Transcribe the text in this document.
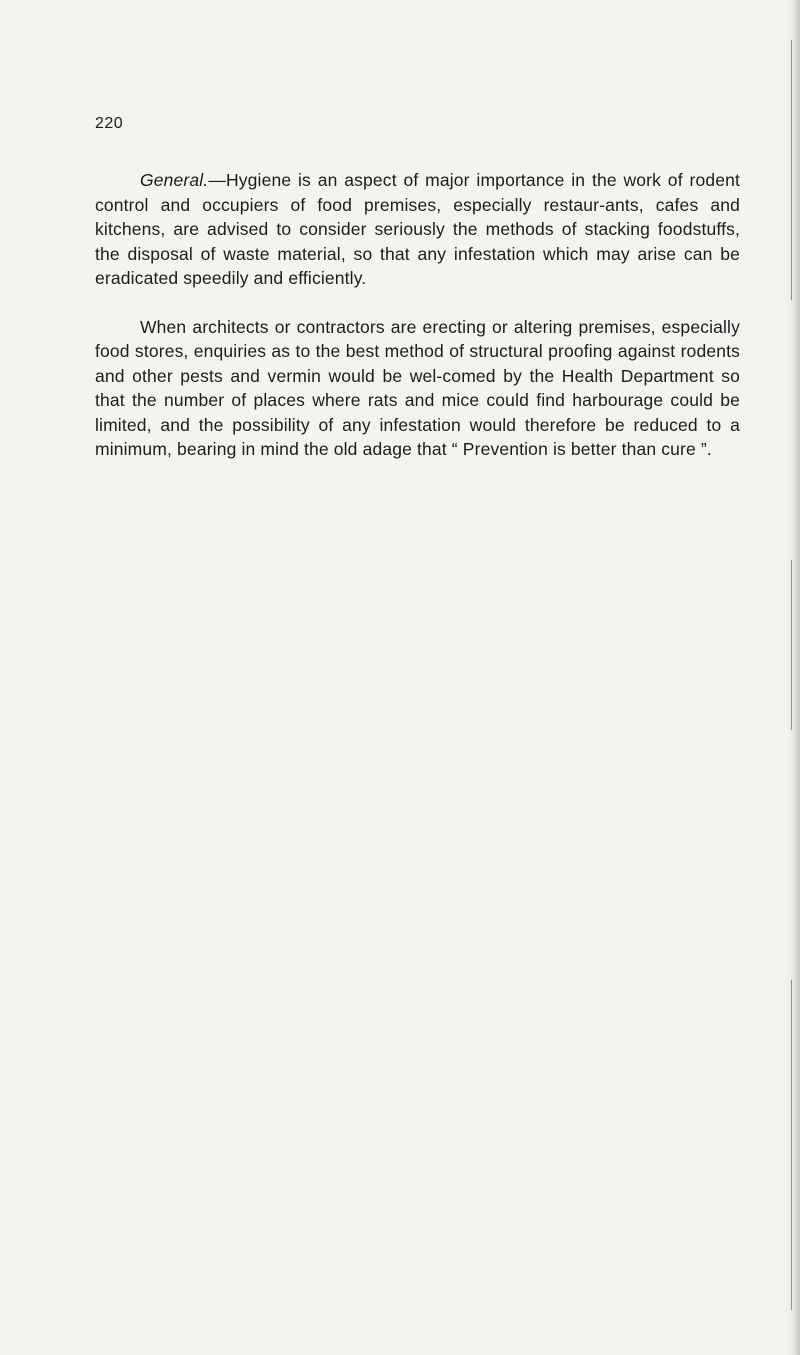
220

General.—Hygiene is an aspect of major importance in the work of rodent control and occupiers of food premises, especially restaur-ants, cafes and kitchens, are advised to consider seriously the methods of stacking foodstuffs, the disposal of waste material, so that any infestation which may arise can be eradicated speedily and efficiently.

When architects or contractors are erecting or altering premises, especially food stores, enquiries as to the best method of structural proofing against rodents and other pests and vermin would be wel-comed by the Health Department so that the number of places where rats and mice could find harbourage could be limited, and the possibility of any infestation would therefore be reduced to a minimum, bearing in mind the old adage that “ Prevention is better than cure ”.
